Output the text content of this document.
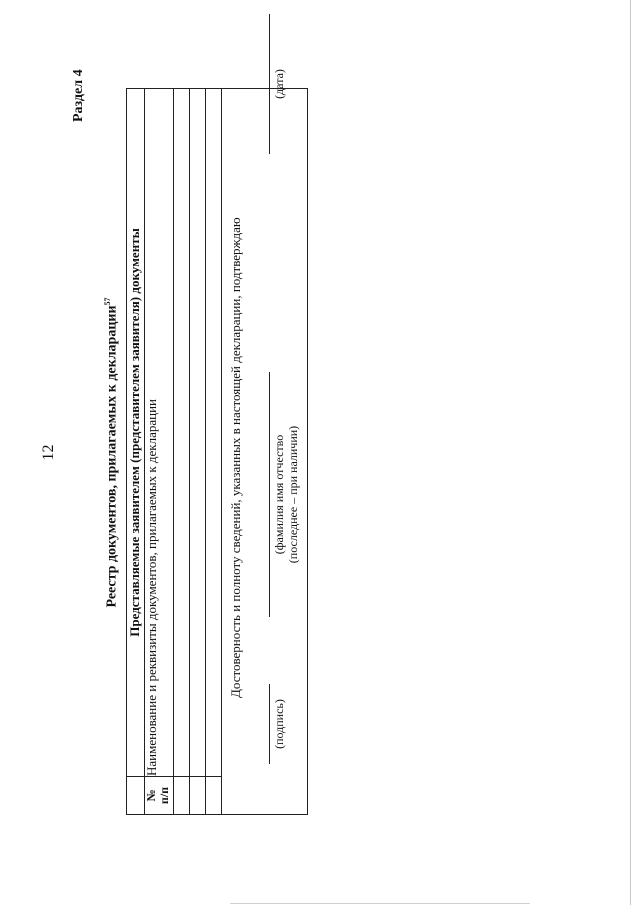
12
Раздел 4
Реестр документов, прилагаемых к декларации$^{57}$
		Представляемые заявителем (представителем заявителя) документы

№ п/п	Наименование и реквизиты документов, прилагаемых к декларации

Достоверность и полноту сведений, указанных в настоящей декларации, подтверждаю
(подпись)
(фамилия имя отчество (последнее – при наличии)
(дата)	
